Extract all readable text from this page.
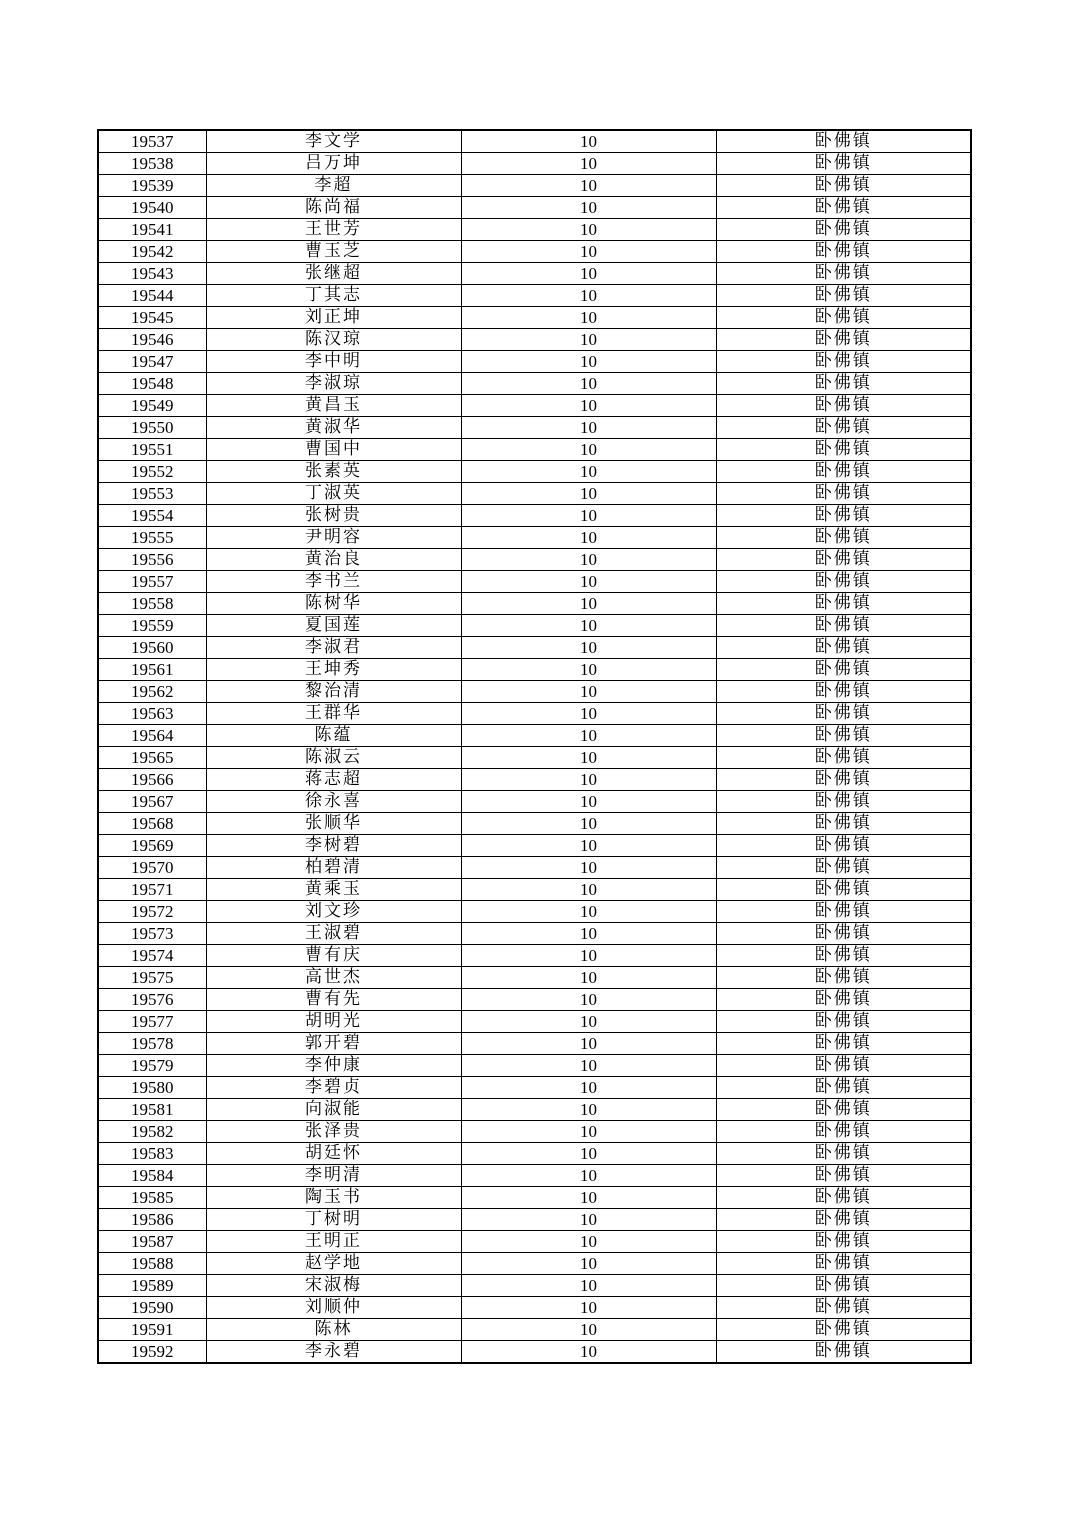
19537	李文学	10	卧佛镇
19538	吕万坤	10	卧佛镇
19539	李超	10	卧佛镇
19540	陈尚福	10	卧佛镇
19541	王世芳	10	卧佛镇
19542	曹玉芝	10	卧佛镇
19543	张继超	10	卧佛镇
19544	丁其志	10	卧佛镇
19545	刘正坤	10	卧佛镇
19546	陈汉琼	10	卧佛镇
19547	李中明	10	卧佛镇
19548	李淑琼	10	卧佛镇
19549	黄昌玉	10	卧佛镇
19550	黄淑华	10	卧佛镇
19551	曹国中	10	卧佛镇
19552	张素英	10	卧佛镇
19553	丁淑英	10	卧佛镇
19554	张树贵	10	卧佛镇
19555	尹明容	10	卧佛镇
19556	黄治良	10	卧佛镇
19557	李书兰	10	卧佛镇
19558	陈树华	10	卧佛镇
19559	夏国莲	10	卧佛镇
19560	李淑君	10	卧佛镇
19561	王坤秀	10	卧佛镇
19562	黎治清	10	卧佛镇
19563	王群华	10	卧佛镇
19564	陈蕴	10	卧佛镇
19565	陈淑云	10	卧佛镇
19566	蒋志超	10	卧佛镇
19567	徐永喜	10	卧佛镇
19568	张顺华	10	卧佛镇
19569	李树碧	10	卧佛镇
19570	柏碧清	10	卧佛镇
19571	黄乘玉	10	卧佛镇
19572	刘文珍	10	卧佛镇
19573	王淑碧	10	卧佛镇
19574	曹有庆	10	卧佛镇
19575	高世杰	10	卧佛镇
19576	曹有先	10	卧佛镇
19577	胡明光	10	卧佛镇
19578	郭开碧	10	卧佛镇
19579	李仲康	10	卧佛镇
19580	李碧贞	10	卧佛镇
19581	向淑能	10	卧佛镇
19582	张泽贵	10	卧佛镇
19583	胡廷怀	10	卧佛镇
19584	李明清	10	卧佛镇
19585	陶玉书	10	卧佛镇
19586	丁树明	10	卧佛镇
19587	王明正	10	卧佛镇
19588	赵学地	10	卧佛镇
19589	宋淑梅	10	卧佛镇
19590	刘顺仲	10	卧佛镇
19591	陈林	10	卧佛镇
19592	李永碧	10	卧佛镇
